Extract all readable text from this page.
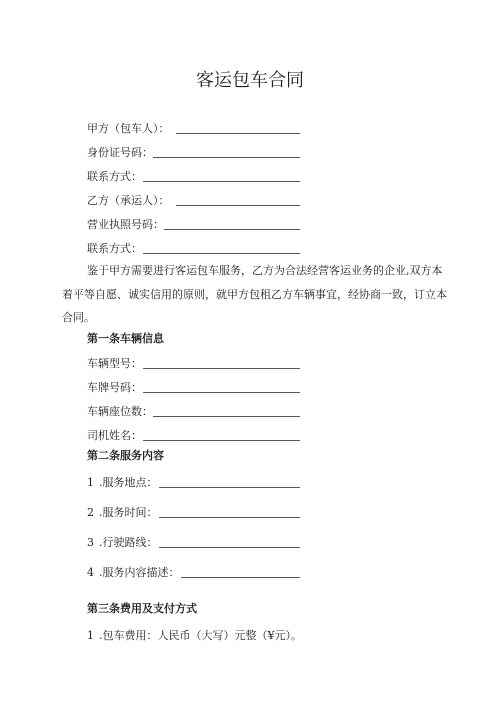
客运包车合同
甲方（包车人）：
身份证号码：
联系方式：
乙方（承运人）：
营业执照号码：
联系方式：
鉴于甲方需要进行客运包车服务，乙方为合法经营客运业务的企业,双方本着平等自愿、诚实信用的原则，就甲方包租乙方车辆事宜，经协商一致，订立本合同。
第一条车辆信息
车辆型号：
车牌号码：
车辆座位数：
司机姓名：
第二条服务内容
1 .服务地点：
2 .服务时间：
3 .行驶路线：
4 .服务内容描述：
第三条费用及支付方式
1 .包车费用：人民币（大写）元整（¥元）。
